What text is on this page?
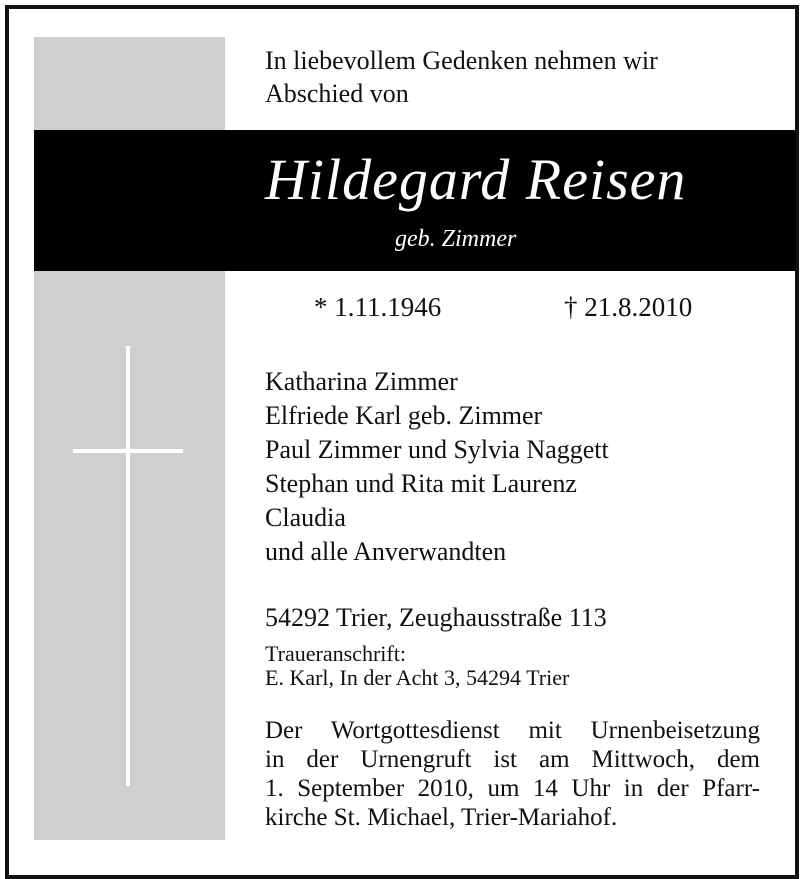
In liebevollem Gedenken nehmen wir
Abschied von
Hildegard Reisen
geb. Zimmer
* 1.11.1946	† 21.8.2010
Katharina Zimmer
Elfriede Karl geb. Zimmer
Paul Zimmer und Sylvia Naggett
Stephan und Rita mit Laurenz
Claudia
und alle Anverwandten
54292 Trier, Zeughausstraße 113
Traueranschrift:
E. Karl, In der Acht 3, 54294 Trier
Der Wortgottesdienst mit Urnenbeisetzung
in der Urnengruft ist am Mittwoch, dem
1. September 2010, um 14 Uhr in der Pfarr-
kirche St. Michael, Trier-Mariahof.
